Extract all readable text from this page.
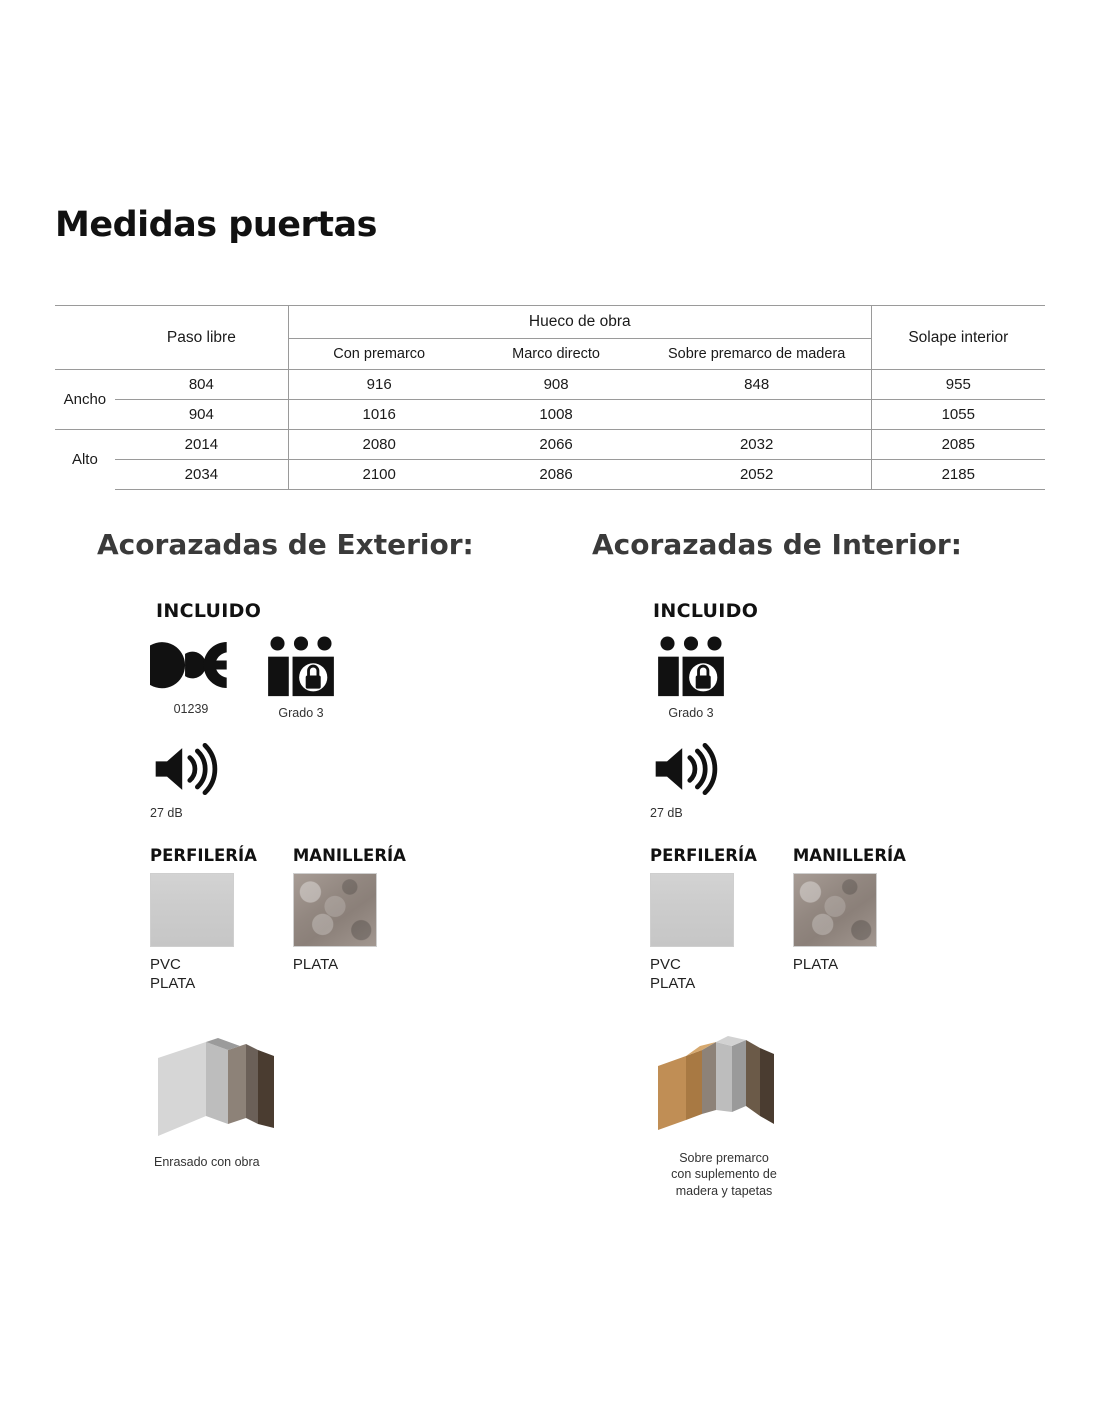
Medidas puertas
	Paso libre	Hueco de obra			Solape interior
		Con premarco	Marco directo	Sobre premarco de madera	
Ancho	804	916	908	848	955
	904	1016	1008		1055
Alto	2014	2080	2066	2032	2085
	2034	2100	2086	2052	2185
Acorazadas de Exterior:	Acorazadas de Interior:
INCLUIDO
01239	Grado 3
27 dB
PERFILERÍA
PVC
PLATA
MANILLERÍA
PLATA
Enrasado con obra
INCLUIDO
Grado 3
27 dB
PERFILERÍA
PVC
PLATA
MANILLERÍA
PLATA
Sobre premarco
con suplemento de
madera y tapetas
